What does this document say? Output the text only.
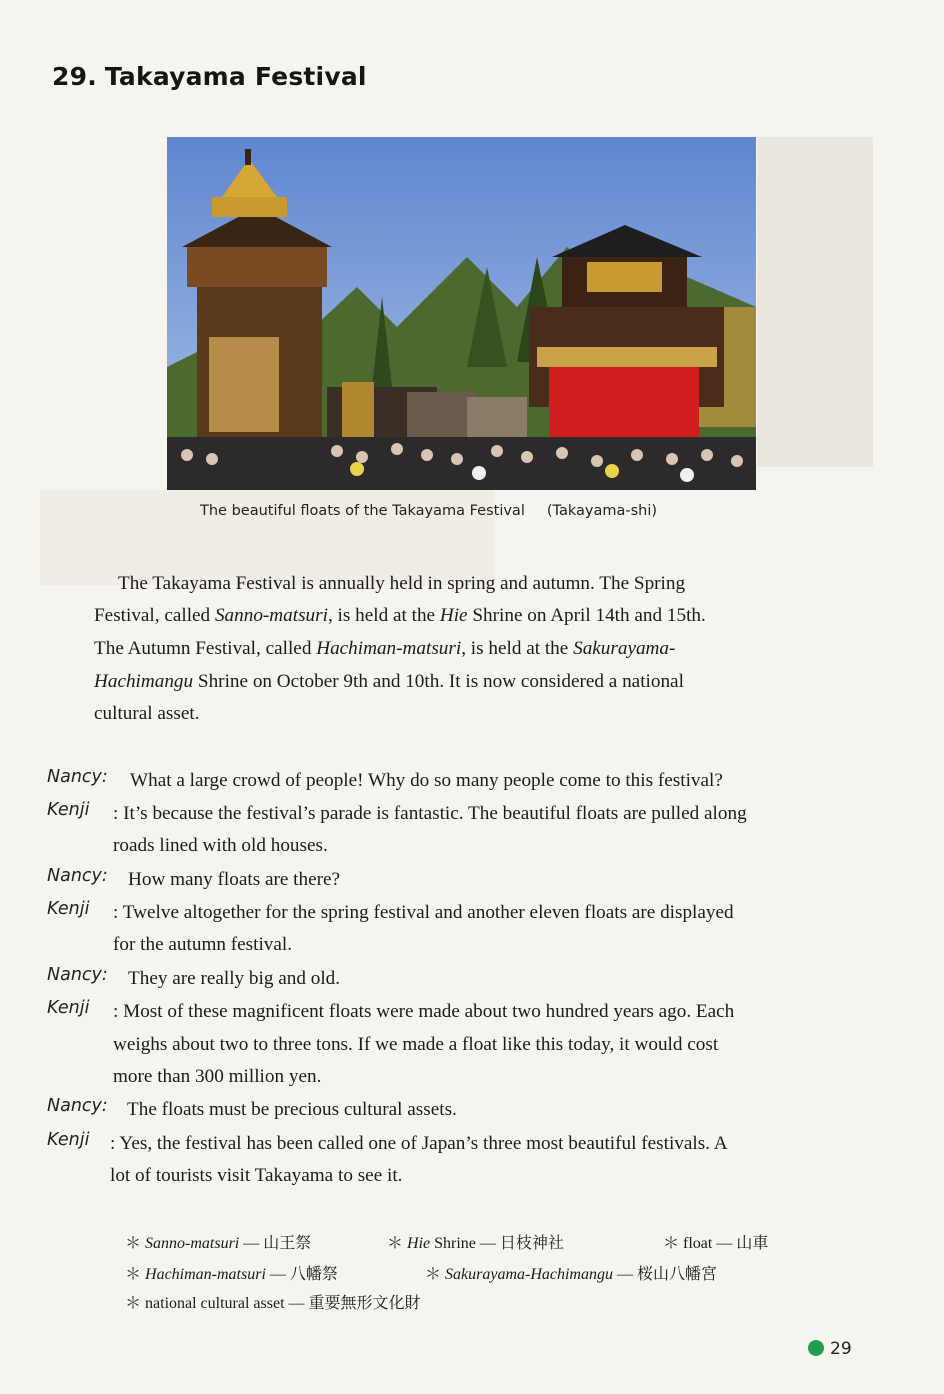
29. Takayama Festival
The beautiful floats of the Takayama Festival (Takayama-shi)
The Takayama Festival is annually held in spring and autumn. The Spring
Festival, called Sanno-matsuri, is held at the Hie Shrine on April 14th and 15th.
The Autumn Festival, called Hachiman-matsuri, is held at the Sakurayama-
Hachimangu Shrine on October 9th and 10th. It is now considered a national
cultural asset.
Nancy: What a large crowd of people! Why do so many people come to this festival?
Kenji : It’s because the festival’s parade is fantastic. The beautiful floats are pulled along
roads lined with old houses.
Nancy: How many floats are there?
Kenji : Twelve altogether for the spring festival and another eleven floats are displayed
for the autumn festival.
Nancy: They are really big and old.
Kenji : Most of these magnificent floats were made about two hundred years ago. Each
weighs about two to three tons. If we made a float like this today, it would cost
more than 300 million yen.
Nancy: The floats must be precious cultural assets.
Kenji : Yes, the festival has been called one of Japan’s three most beautiful festivals. A
lot of tourists visit Takayama to see it.
＊ Sanno-matsuri — 山王祭	＊ Hie Shrine — 日枝神社	＊ float — 山車
＊ Hachiman-matsuri — 八幡祭	＊ Sakurayama-Hachimangu — 桜山八幡宮
＊ national cultural asset — 重要無形文化財
29
